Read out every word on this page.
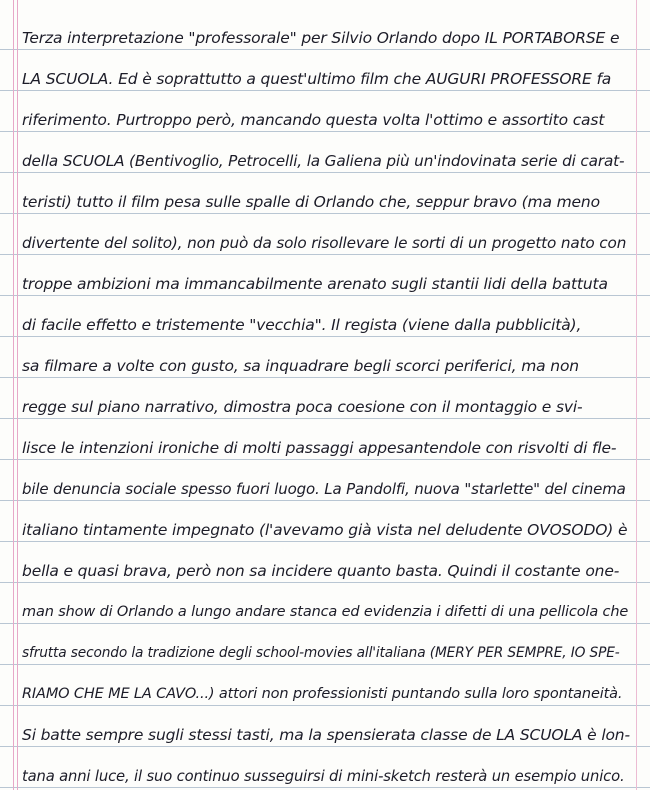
Terza interpretazione "professorale" per Silvio Orlando dopo IL PORTABORSE e
LA SCUOLA. Ed è soprattutto a quest'ultimo film che AUGURI PROFESSORE fa
riferimento. Purtroppo però, mancando questa volta l'ottimo e assortito cast
della SCUOLA (Bentivoglio, Petrocelli, la Galiena più un'indovinata serie di carat-
teristi) tutto il film pesa sulle spalle di Orlando che, seppur bravo (ma meno
divertente del solito), non può da solo risollevare le sorti di un progetto nato con
troppe ambizioni ma immancabilmente arenato sugli stantii lidi della battuta
di facile effetto e tristemente "vecchia". Il regista (viene dalla pubblicità),
sa filmare a volte con gusto, sa inquadrare begli scorci periferici, ma non
regge sul piano narrativo, dimostra poca coesione con il montaggio e svi-
lisce le intenzioni ironiche di molti passaggi appesantendole con risvolti di fle-
bile denuncia sociale spesso fuori luogo. La Pandolfi, nuova "starlette" del cinema
italiano tintamente impegnato (l'avevamo già vista nel deludente OVOSODO) è
bella e quasi brava, però non sa incidere quanto basta. Quindi il costante one-
man show di Orlando a lungo andare stanca ed evidenzia i difetti di una pellicola che
sfrutta secondo la tradizione degli school-movies all'italiana (MERY PER SEMPRE, IO SPE-
RIAMO CHE ME LA CAVO...) attori non professionisti puntando sulla loro spontaneità.
Si batte sempre sugli stessi tasti, ma la spensierata classe de LA SCUOLA è lon-
tana anni luce, il suo continuo susseguirsi di mini-sketch resterà un esempio unico.
